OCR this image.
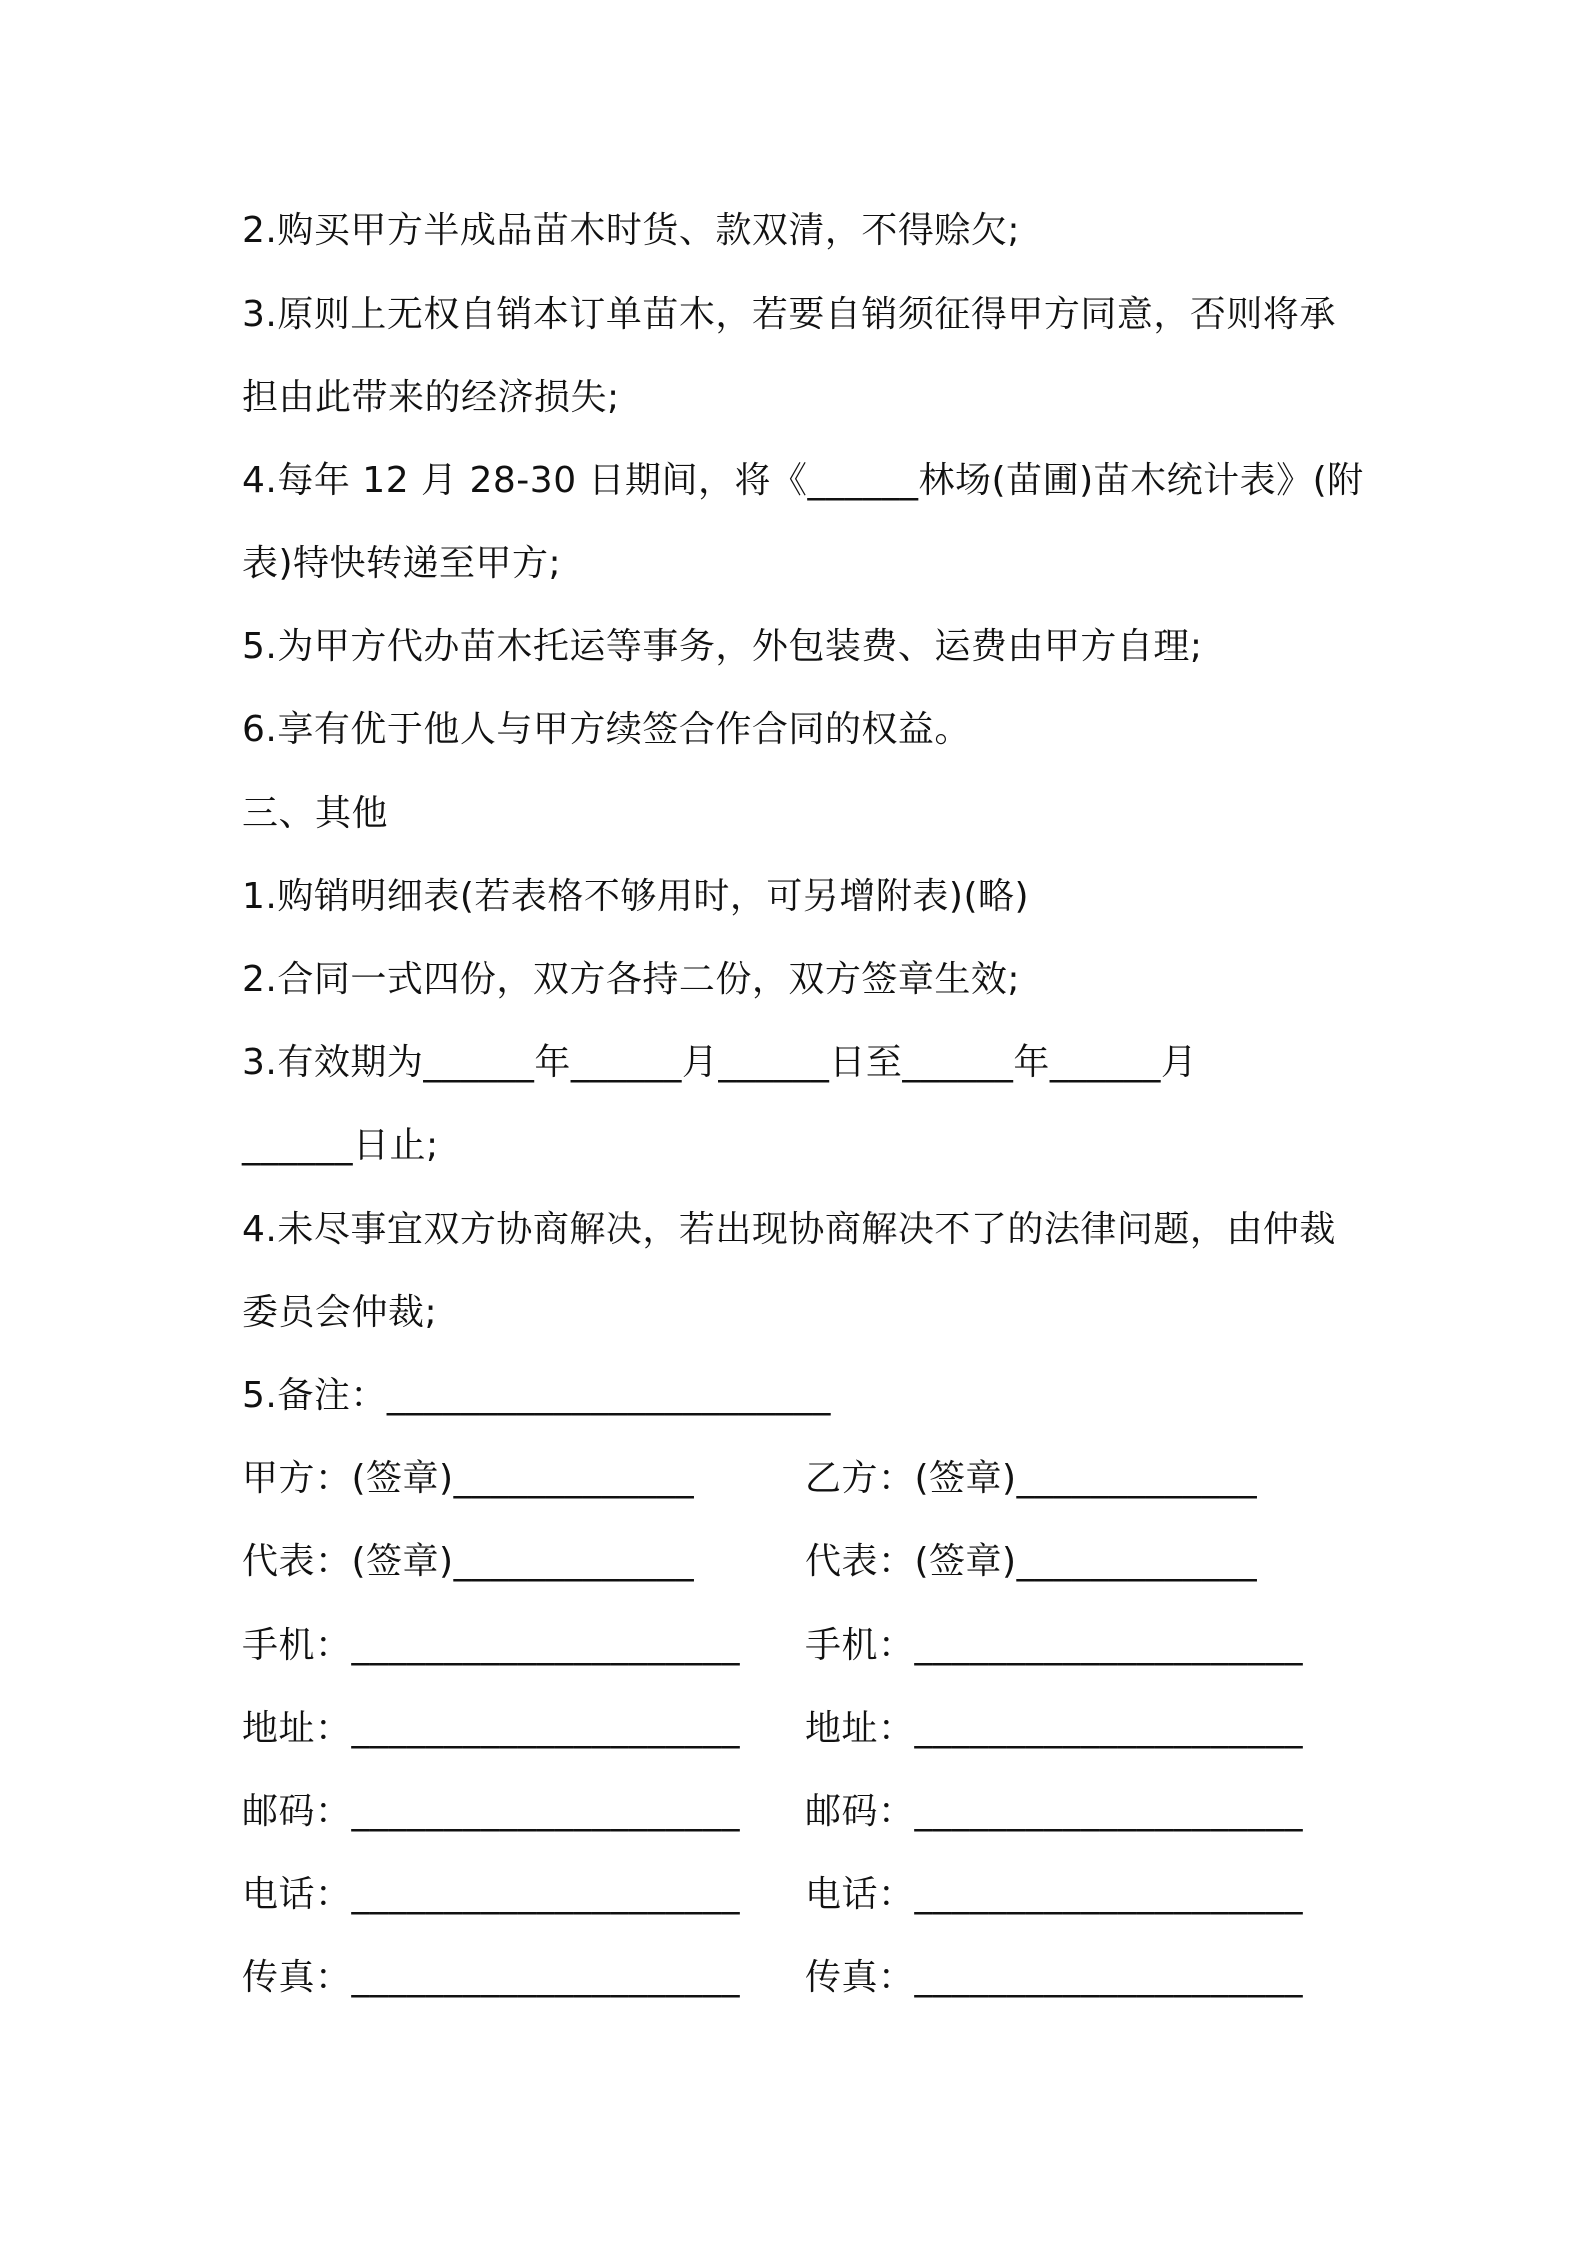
2.购买甲方半成品苗木时货、款双清，不得赊欠;
3.原则上无权自销本订单苗木，若要自销须征得甲方同意，否则将承
担由此带来的经济损失;
4.每年 12 月 28-30 日期间，将《______林场(苗圃)苗木统计表》(附
表)特快转递至甲方;
5.为甲方代办苗木托运等事务，外包装费、运费由甲方自理;
6.享有优于他人与甲方续签合作合同的权益。
三、其他
1.购销明细表(若表格不够用时，可另增附表)(略)
2.合同一式四份，双方各持二份，双方签章生效;
3.有效期为______年______月______日至______年______月
______日止;
4.未尽事宜双方协商解决，若出现协商解决不了的法律问题，由仲裁
委员会仲裁;
5.备注：________________________
甲方：(签章)_____________
代表：(签章)_____________
手机：_____________________
地址：_____________________
邮码：_____________________
电话：_____________________
传真：_____________________
乙方：(签章)_____________
代表：(签章)_____________
手机：_____________________
地址：_____________________
邮码：_____________________
电话：_____________________
传真：_____________________
